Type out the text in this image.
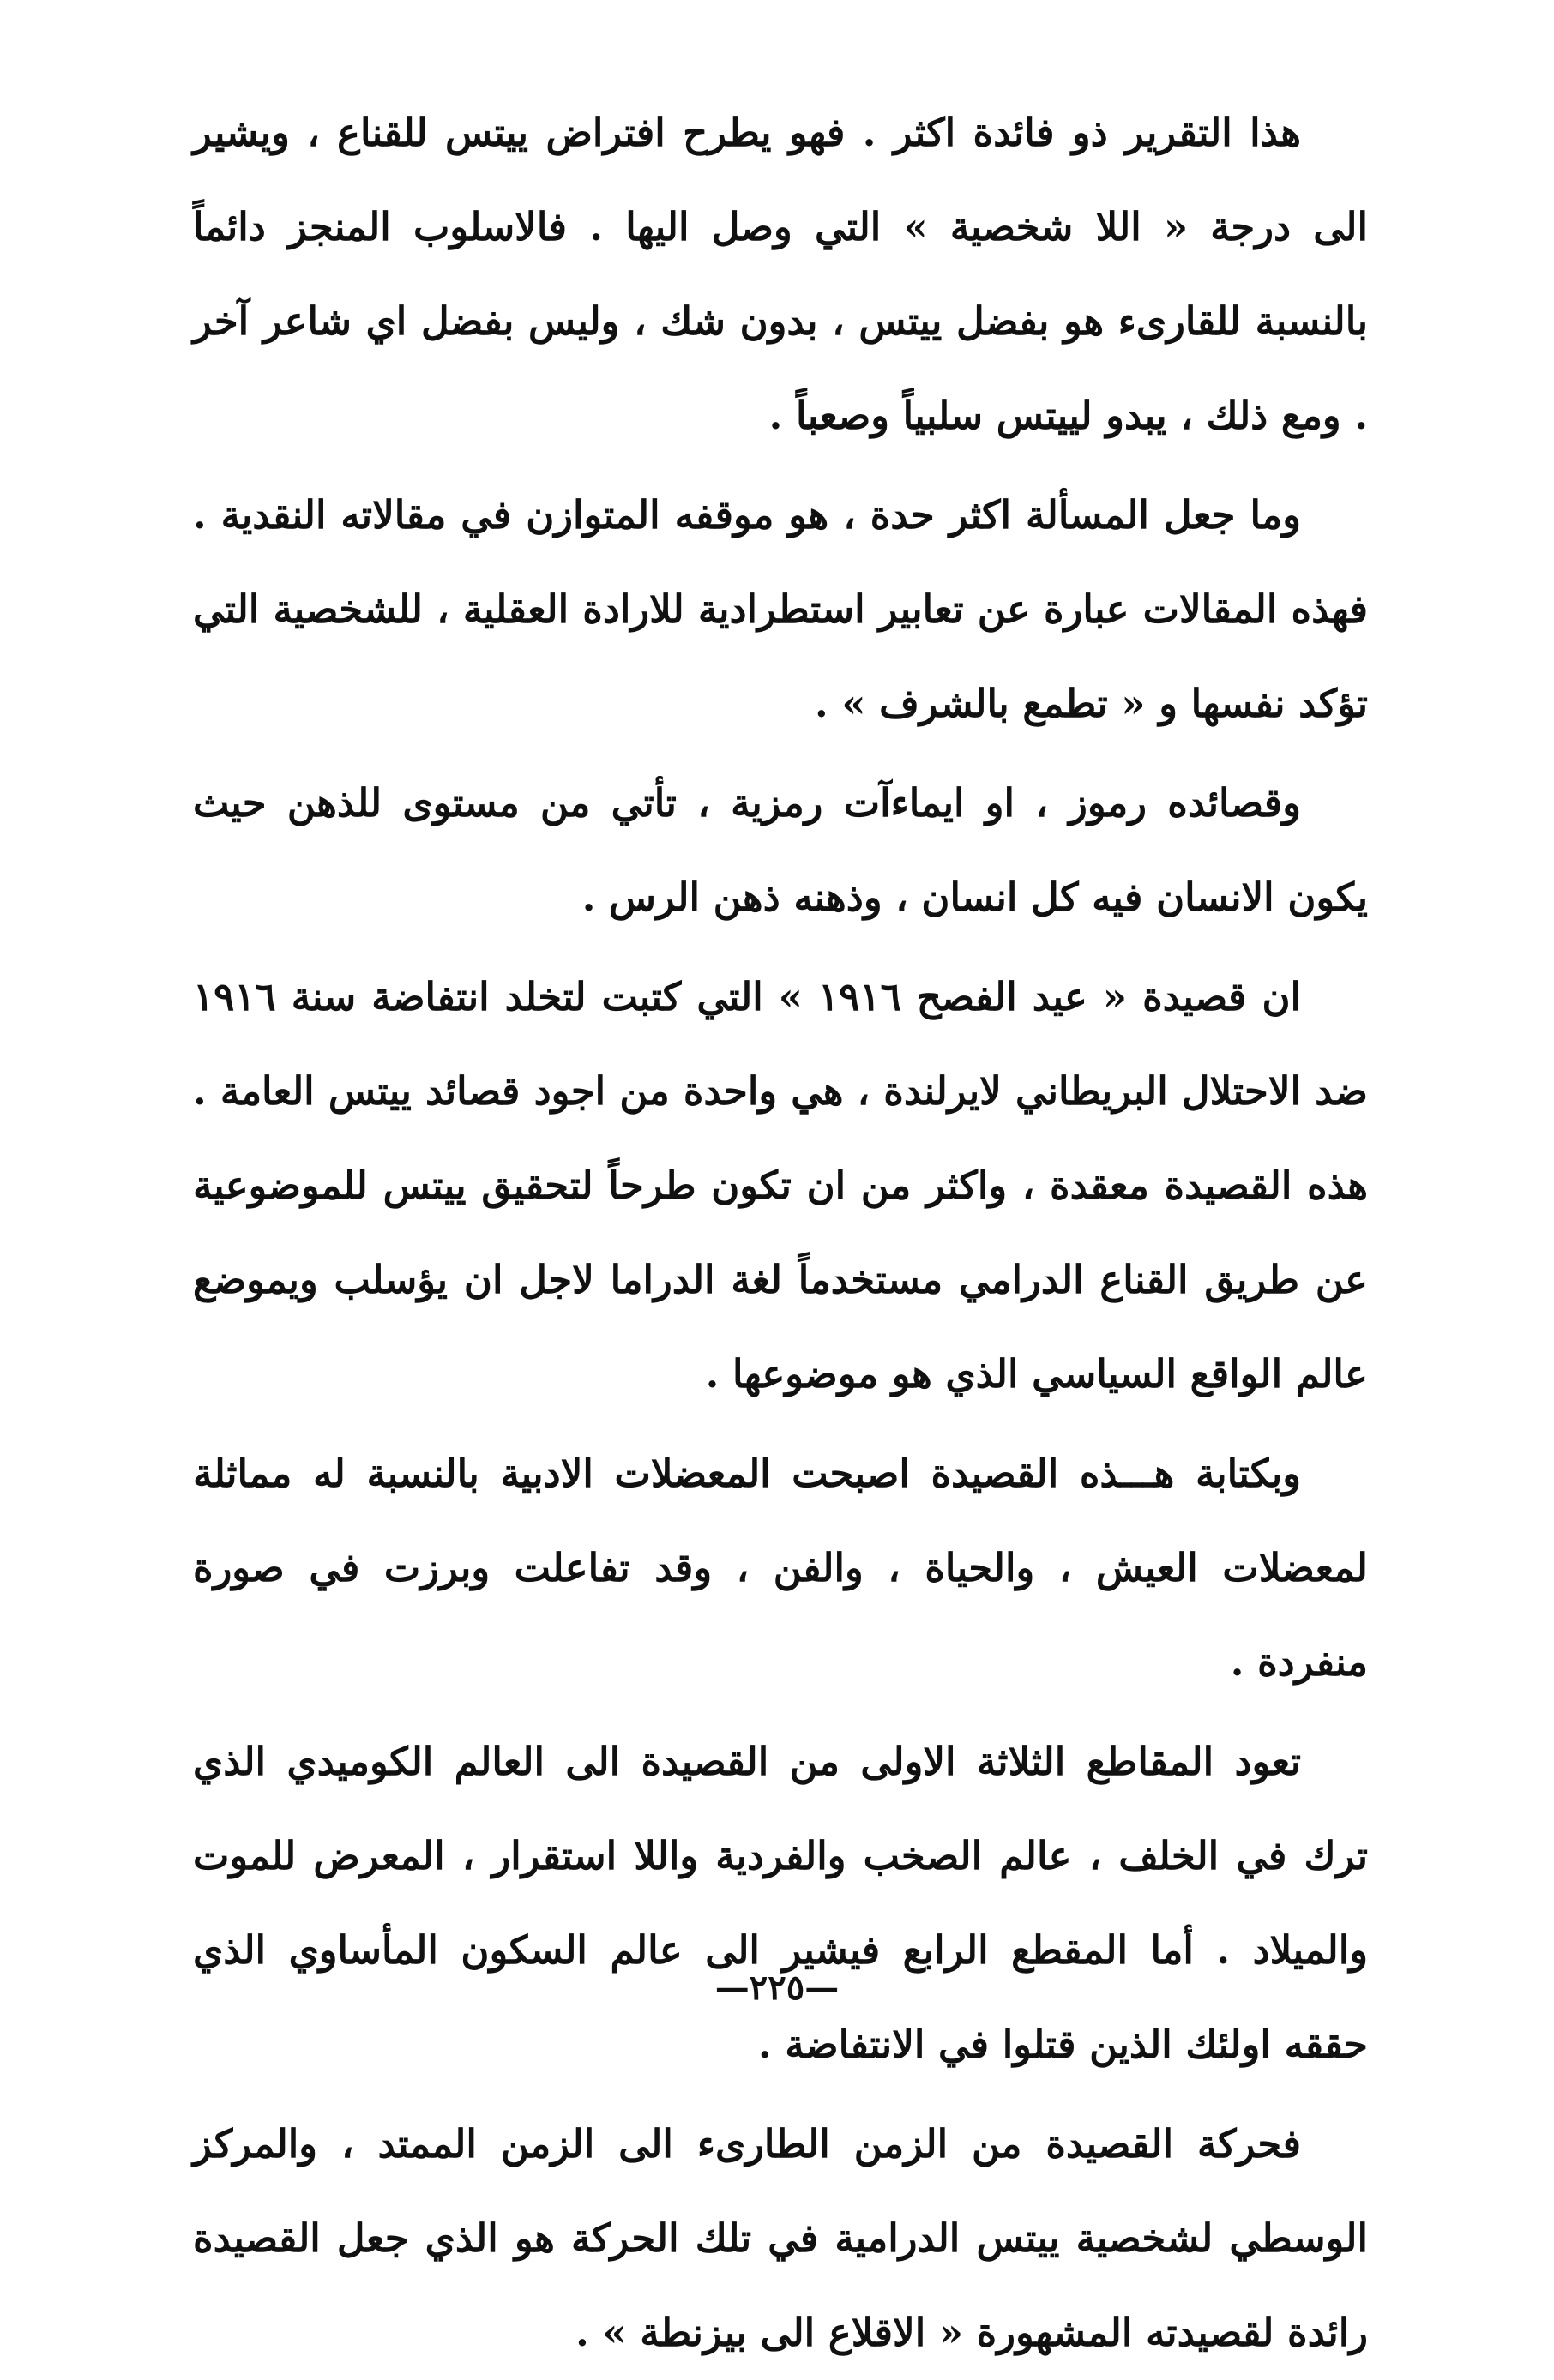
هذا التقرير ذو فائدة اكثر . فهو يطرح افتراض ييتس للقناع ، ويشير الى درجة « اللا شخصية » التي وصل اليها . فالاسلوب المنجز دائماً بالنسبة للقارىء هو بفضل ييتس ، بدون شك ، وليس بفضل اي شاعر آخر . ومع ذلك ، يبدو لييتس سلبياً وصعباً .

وما جعل المسألة اكثر حدة ، هو موقفه المتوازن في مقالاته النقدية . فهذه المقالات عبارة عن تعابير استطرادية للارادة العقلية ، للشخصية التي تؤكد نفسها و « تطمع بالشرف » .

وقصائده رموز ، او ايماءآت رمزية ، تأتي من مستوى للذهن حيث يكون الانسان فيه كل انسان ، وذهنه ذهن الرس .

ان قصيدة « عيد الفصح ١٩١٦ » التي كتبت لتخلد انتفاضة سنة ١٩١٦ ضد الاحتلال البريطاني لايرلندة ، هي واحدة من اجود قصائد ييتس العامة . هذه القصيدة معقدة ، واكثر من ان تكون طرحاً لتحقيق ييتس للموضوعية عن طريق القناع الدرامي مستخدماً لغة الدراما لاجل ان يؤسلب ويموضع عالم الواقع السياسي الذي هو موضوعها .

وبكتابة هـــذه القصيدة اصبحت المعضلات الادبية بالنسبة له مماثلة لمعضلات العيش ، والحياة ، والفن ، وقد تفاعلت وبرزت في صورة منفردة .

تعود المقاطع الثلاثة الاولى من القصيدة الى العالم الكوميدي الذي ترك في الخلف ، عالم الصخب والفردية واللا استقرار ، المعرض للموت والميلاد . أما المقطع الرابع فيشير الى عالم السكون المأساوي الذي حققه اولئك الذين قتلوا في الانتفاضة .

فحركة القصيدة من الزمن الطارىء الى الزمن الممتد ، والمركز الوسطي لشخصية ييتس الدرامية في تلك الحركة هو الذي جعل القصيدة رائدة لقصيدته المشهورة « الاقلاع الى بيزنطة » .

—٢٢٥—
